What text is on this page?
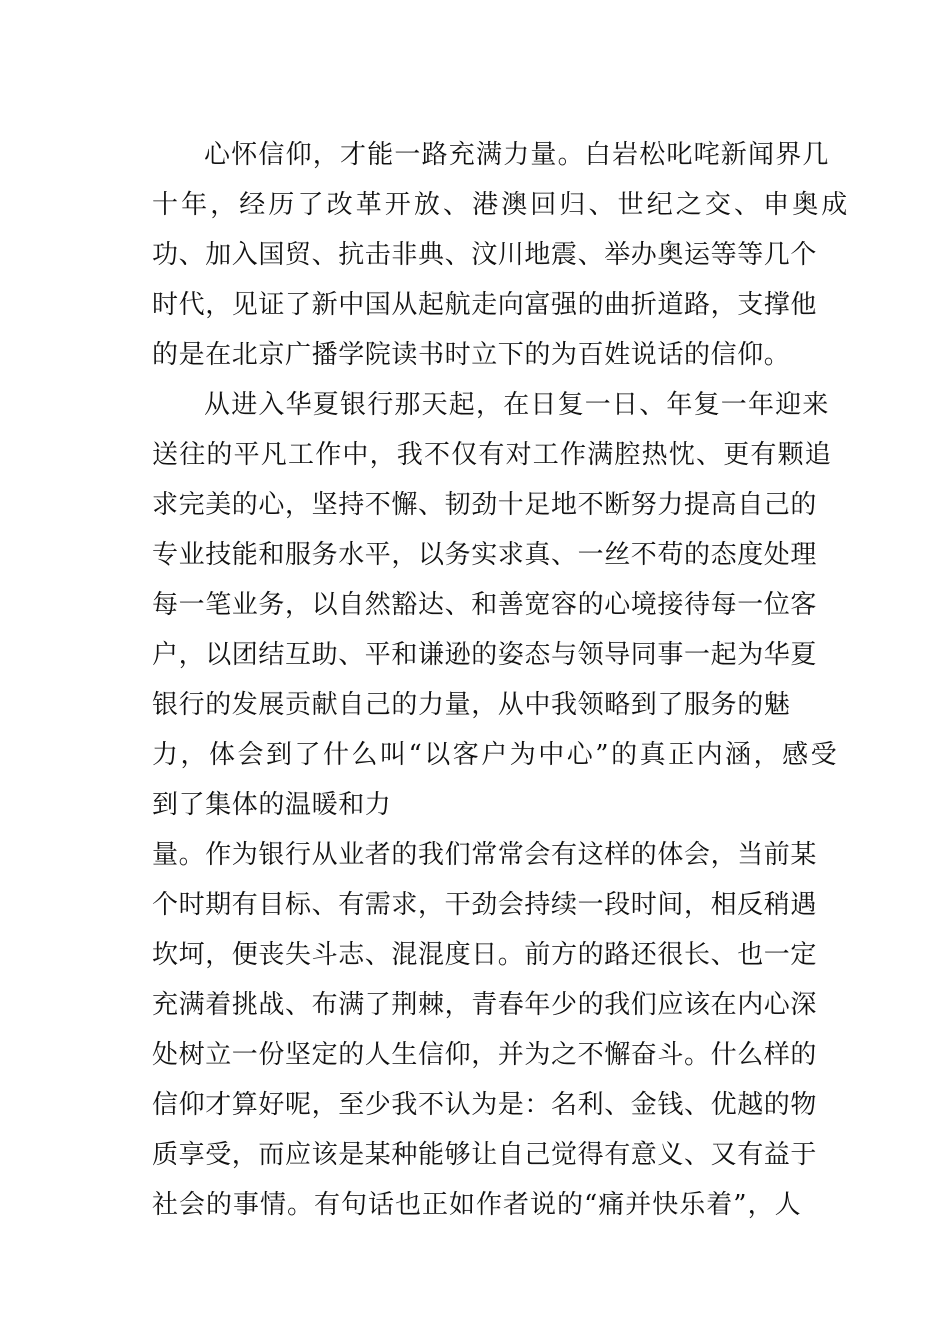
心怀信仰，才能一路充满力量。白岩松叱咤新闻界几
十年，经历了改革开放、港澳回归、世纪之交、申奥成
功、加入国贸、抗击非典、汶川地震、举办奥运等等几个
时代，见证了新中国从起航走向富强的曲折道路，支撑他
的是在北京广播学院读书时立下的为百姓说话的信仰。
从进入华夏银行那天起，在日复一日、年复一年迎来
送往的平凡工作中，我不仅有对工作满腔热忱、更有颗追
求完美的心，坚持不懈、韧劲十足地不断努力提高自己的
专业技能和服务水平，以务实求真、一丝不苟的态度处理
每一笔业务，以自然豁达、和善宽容的心境接待每一位客
户，以团结互助、平和谦逊的姿态与领导同事一起为华夏
银行的发展贡献自己的力量，从中我领略到了服务的魅
力，体会到了什么叫“以客户为中心”的真正内涵，感受
到了集体的温暖和力
量。作为银行从业者的我们常常会有这样的体会，当前某
个时期有目标、有需求，干劲会持续一段时间，相反稍遇
坎坷，便丧失斗志、混混度日。前方的路还很长、也一定
充满着挑战、布满了荆棘，青春年少的我们应该在内心深
处树立一份坚定的人生信仰，并为之不懈奋斗。什么样的
信仰才算好呢，至少我不认为是：名利、金钱、优越的物
质享受，而应该是某种能够让自己觉得有意义、又有益于
社会的事情。有句话也正如作者说的“痛并快乐着”，人
